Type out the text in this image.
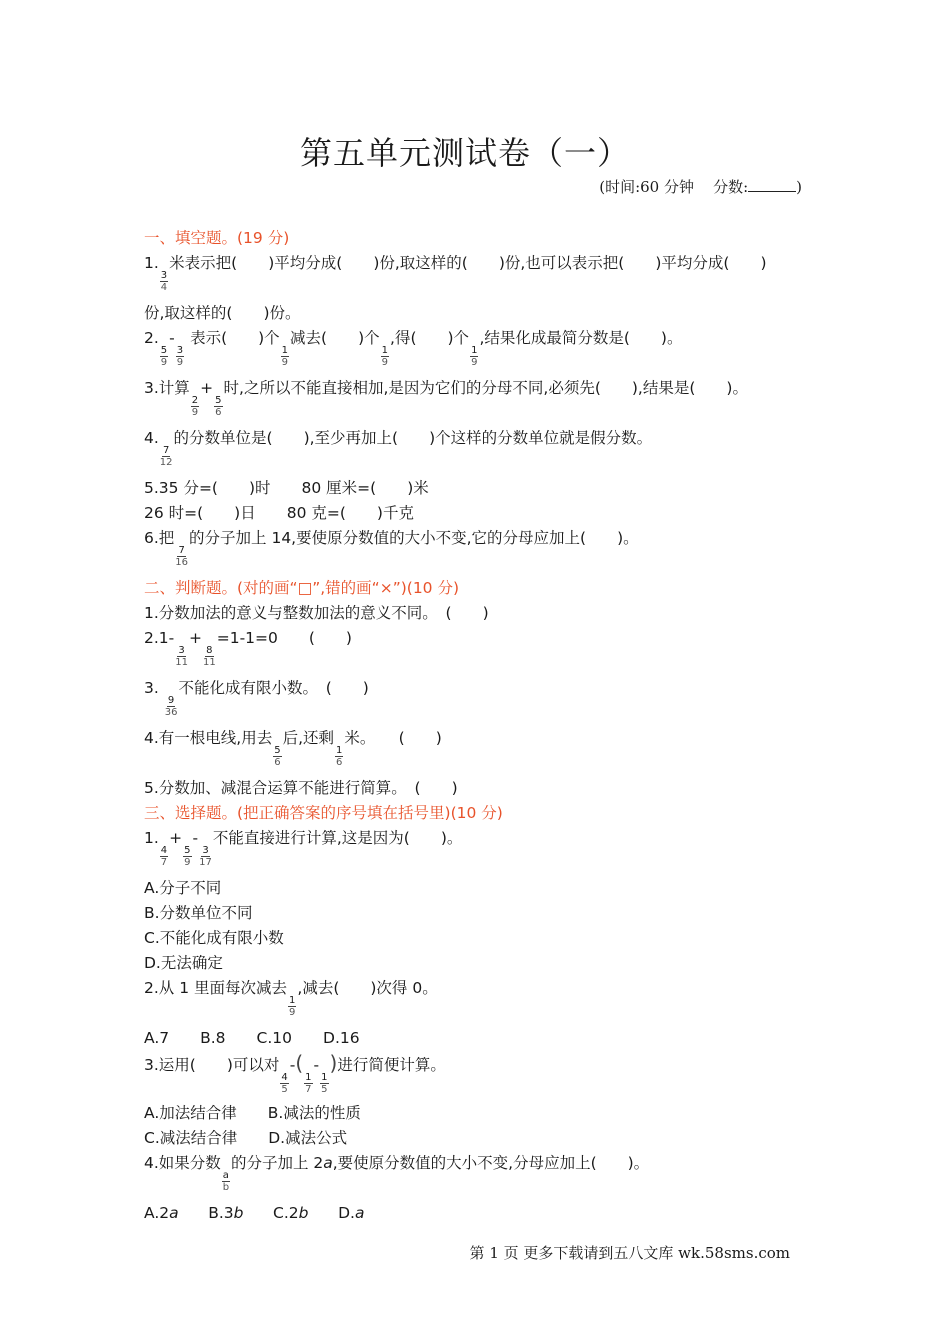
第五单元测试卷（一）
(时间:60 分钟 分数:	)
一、填空题。(19 分)
1.
$\frac{3}{4}$
米表示把(　　)平均分成(　　)份,取这样的(　　)份,也可以表示把(　　)平均分成(　　)
份,取这样的(　　)份。
2.
$\frac{5}{9}$
-
$\frac{3}{9}$
表示(　　)个
$\frac{1}{9}$
减去(　　)个
$\frac{1}{9}$
,得(　　)个
$\frac{1}{9}$
,结果化成最简分数是(　　)。
3.计算
$\frac{2}{9}$
+
$\frac{5}{6}$
时,之所以不能直接相加,是因为它们的分母不同,必须先(　　),结果是(　　)。
4.
$\frac{7}{12}$
的分数单位是(　　),至少再加上(　　)个这样的分数单位就是假分数。
5.35 分=(　　)时　　80 厘米=(　　)米
26 时=(　　)日　　80 克=(　　)千克
6.把
$\frac{7}{16}$
的分子加上 14,要使原分数值的大小不变,它的分母应加上(　　)。
二、判断题。(对的画“□”,错的画“×”)(10 分)
1.分数加法的意义与整数加法的意义不同。　(　　)
2.1-
$\frac{3}{11}$
+
$\frac{8}{11}$
=1-1=0　　(　　)
3.
$\frac{9}{36}$
不能化成有限小数。　(　　)
4.有一根电线,用去
$\frac{5}{6}$
后,还剩
$\frac{1}{6}$
米。　　(　　)
5.分数加、减混合运算不能进行简算。　(　　)
三、选择题。(把正确答案的序号填在括号里)(10 分)
1.
$\frac{4}{7}$
+
$\frac{5}{9}$
-
$\frac{3}{17}$
不能直接进行计算,这是因为(　　)。
A.分子不同
B.分数单位不同
C.不能化成有限小数
D.无法确定
2.从 1 里面每次减去
$\frac{1}{9}$
,减去(　　)次得 0。
A.7　　B.8　　C.10　　D.16
3.运用(　　)可以对
$\frac{4}{5}$
-(
$\frac{1}{7}$
-
$\frac{1}{5}$
)进行简便计算。
A.加法结合律　　B.减法的性质
C.减法结合律　　D.减法公式
4.如果分数
$\frac{a}{b}$
的分子加上 2a,要使原分数值的大小不变,分母应加上(　　)。
A.2a B.3b C.2b D.a
第 1 页 更多下载请到五八文库 wk.58sms.com
